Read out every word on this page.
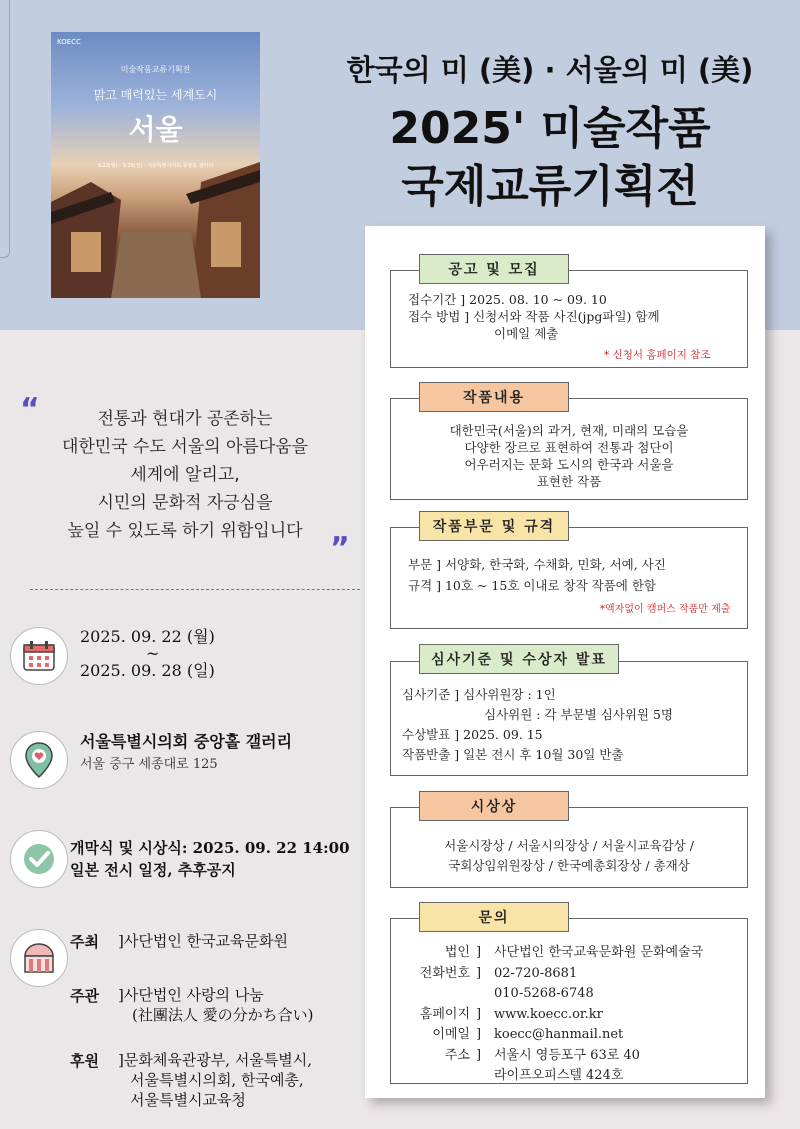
KOECC
미술작품교류기획전
맑고 매력있는 세계도시
서울
9.22(월) - 9.28(일) · 서울특별시의회 중앙홀 갤러리
한국의 미 (美) · 서울의 미 (美)
2025' 미술작품
국제교류기획전
“	전통과 현대가 공존하는
대한민국 수도 서울의 아름다움을
세계에 알리고,
시민의 문화적 자긍심을
높일 수 있도록 하기 위함입니다 ”
2025. 09. 22 (월)
~
2025. 09. 28 (일)
서울특별시의회 중앙홀 갤러리
서울 중구 세종대로 125
개막식 및 시상식: 2025. 09. 22 14:00
일본 전시 일정, 추후공지
주최 ]사단법인 한국교육문화원
주관 ]사단법인 사랑의 나눔
(社團法人 愛の分かち合い)
후원 ]문화체육관광부, 서울특별시,
서울특별시의회, 한국예총,
서울특별시교육청
공고 및 모집
접수기간 ] 2025. 08. 10 ~ 09. 10
접수 방법 ] 신청서와 작품 사진(jpg파일) 함께
이메일 제출
* 신청서 홈페이지 참조
작품내용
대한민국(서울)의 과거, 현재, 미래의 모습을
다양한 장르로 표현하여 전통과 첨단이
어우러지는 문화 도시의 한국과 서울을
표현한 작품
작품부문 및 규격
부문 ] 서양화, 한국화, 수채화, 민화, 서예, 사진
규격 ] 10호 ~ 15호 이내로 창작 작품에 한함
*액자없이 캠퍼스 작품만 제출
심사기준 및 수상자 발표
심사기준 ] 심사위원장 : 1인
심사위원 : 각 부문별 심사위원 5명
수상발표 ] 2025. 09. 15
작품반출 ] 일본 전시 후 10월 30일 반출
시상상
서울시장상 / 서울시의장상 / 서울시교육감상 /
국회상임위원장상 / 한국예총회장상 / 총재상
문의
법인
전화번호

홈페이지
이메일
주소
]
]

]
]
]
사단법인 한국교육문화원 문화예술국
02-720-8681
010-5268-6748
www.koecc.or.kr
koecc@hanmail.net
서울시 영등포구 63로 40
라이프오피스텔 424호
